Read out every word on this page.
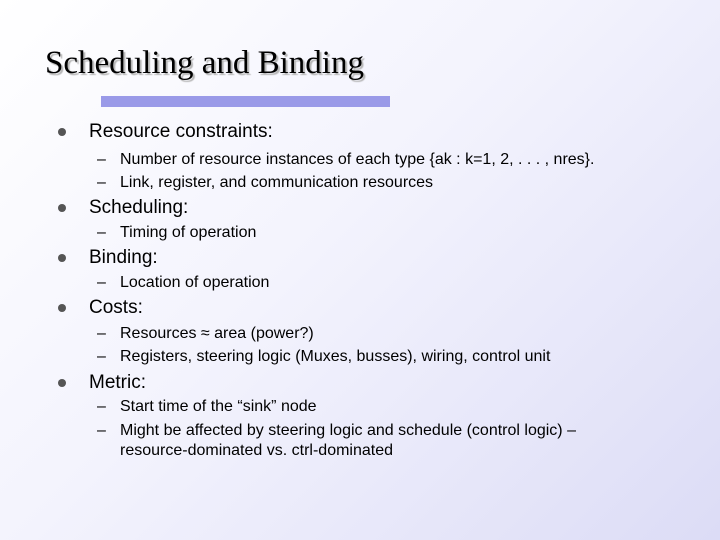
Scheduling and Binding
Resource constraints:
– Number of resource instances of each type {ak : k=1, 2, . . . , nres}.
– Link, register, and communication resources
Scheduling:
– Timing of operation
Binding:
– Location of operation
Costs:
– Resources ≈ area (power?)
– Registers, steering logic (Muxes, busses), wiring, control unit
Metric:
– Start time of the “sink” node
– Might be affected by steering logic and schedule (control logic) –
resource-dominated vs. ctrl-dominated
